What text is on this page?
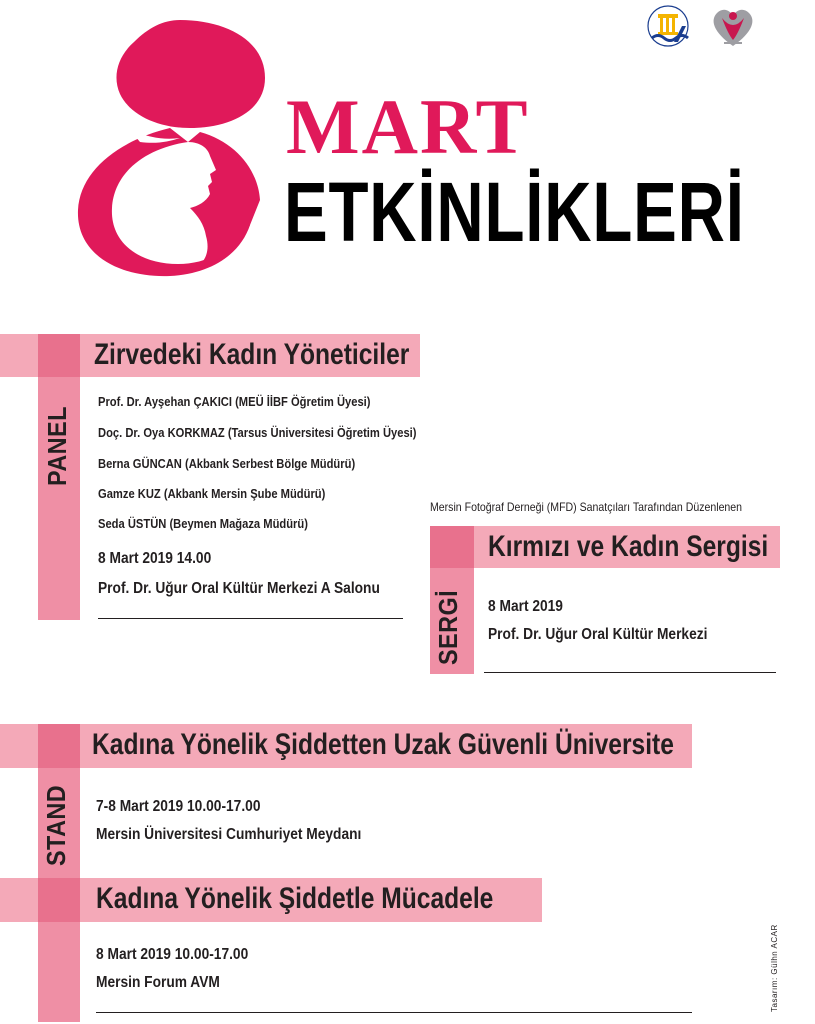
MART
ETKİNLİKLERİ
PANEL
Zirvedeki Kadın Yöneticiler
Prof. Dr. Ayşehan ÇAKICI (MEÜ İİBF Öğretim Üyesi)
Doç. Dr. Oya KORKMAZ (Tarsus Üniversitesi Öğretim Üyesi)
Berna GÜNCAN (Akbank Serbest Bölge Müdürü)
Gamze KUZ (Akbank Mersin Şube Müdürü)
Seda ÜSTÜN (Beymen Mağaza Müdürü)
8 Mart 2019 14.00
Prof. Dr. Uğur Oral Kültür Merkezi A Salonu
Mersin Fotoğraf Derneği (MFD) Sanatçıları Tarafından Düzenlenen
SERGİ
Kırmızı ve Kadın Sergisi
8 Mart 2019
Prof. Dr. Uğur Oral Kültür Merkezi
STAND
Kadına Yönelik Şiddetten Uzak Güvenli Üniversite
7-8 Mart 2019 10.00-17.00
Mersin Üniversitesi Cumhuriyet Meydanı
Kadına Yönelik Şiddetle Mücadele
8 Mart 2019 10.00-17.00
Mersin Forum AVM	Tasarım: Gülhn ACAR
